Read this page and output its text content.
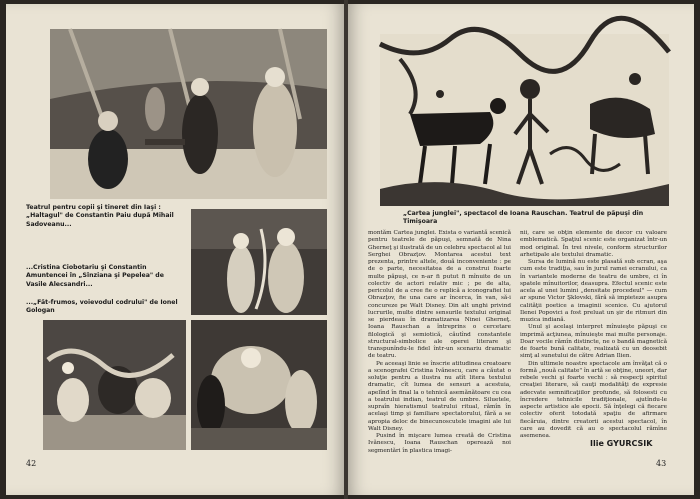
Teatrul pentru copii şi tineret din Iaşi : „Haltagul" de Constantin Paiu după Mihail Sadoveanu...
...Cristina Ciobotariu şi Constantin Amuntencei în „Sînziana şi Pepelea" de Vasile Alecsandri...
...„Făt-frumos, voievodul codrului" de Ionel Gologan
42
„Cartea junglei", spectacol de Ioana Rauschan. Teatrul de păpuşi din Timişoara

montăm Cartea junglei. Exista o variantă scenică pentru teatrele de păpuşi, semnată de Nina Gherneţ şi ilustrată de un celebru spectacol al lui Serghei Obrazţov. Montarea acestui text prezenta, printre altele, două inconveniente : pe de o parte, necesitatea de a construi foarte multe păpuşi, ce n-ar fi putut fi mînuite de un colectiv de actori relativ mic ; pe de alta, pericolul de a cree fie o replică a iconografiei lui Obrazţov, fie una care ar încerca, în van, să-i concureze pe Walt Disney. Din alt unghi privind lucrurile, multe dintre sensurile textului original se pierdeau în dramatizarea Ninei Gherneţ. Ioana Rauschan a întreprins o cercetare filologică şi semiotică, căutînd constantele structural-simbolice ale operei literare şi transpunîndu-le fidel într-un scenariu dramatic de teatru.

Pe aceeaşi linie se înscrie atitudinea creatoare a scenografei Cristina Ivănescu, care a căutat o soluţie pentru a ilustra nu atît litera textului dramatic, cît lumea de sensuri a acestuia, apelînd în final la o tehnică asemănătoare cu cea a teatrului indian, teatrul de umbre. Siluetele, supraîn hieratismul teatrului ritual, rămîn în acelaşi timp şi familiare spectatorului, fără a se apropia deloc de binecunoscutele imagini ale lui Walt Disney.

Pusind în mişcare lumea creată de Cristina Ivănescu, Ioana Rauschan operează noi segmentări în plastica imagi-

nii, care se obţin elemente de decor cu valoare emblematică. Spaţiul scenic este organizat într-un mod original. În trei nivele, conform structurilor arhetipale ale textului dramatic.

Sursa de lumină nu este plasată sub ecran, aşa cum este tradiţia, sau în jurul ramei ecranului, ca în variantele moderne de teatru de umbre, ci în spatele mînuitorilor, deasupra. Efectul scenic este acela al unei lumini „densitate procedeul" — cum ar spune Victor Şklovski, fără să impieteze asupra calităţii poetice a imaginii scenice. Cu ajutorul Ilenei Popovici a fost preluat un şir de ritmuri din muzica indiană.

Unul şi acelaşi interpret mînuieşte păpuşi ce imprimă acţiunea, mînuieşte mai multe personaje. Doar vocile rămîn distincte, ne o bandă magnetică de foarte bună calitate, realizată cu un deosebit simţ al sunetului de către Adrian Ilien.

Din ultimele noastre spectacole am învăţat că o formă „nouă calitate" în artă se obţine, uneori, dar rebele vechi şi foarte vechi : să respecţi spiritul creaţiei literare, să cauţi modalităţi de expresie adecvate semnificaţiilor profunde, să folosesti cu încredere tehnicile tradiţionale, ajutîndu-le aspecte artistice ale epocii. Să înţelegi că fiecare colectiv oferit totodată spaţiu de afirmare fiecăruia, dintre creatorii acestui spectacol, în care au dovedit că au o spectacolul rămîne asemenea.

Ilie GYURCSIK
43
